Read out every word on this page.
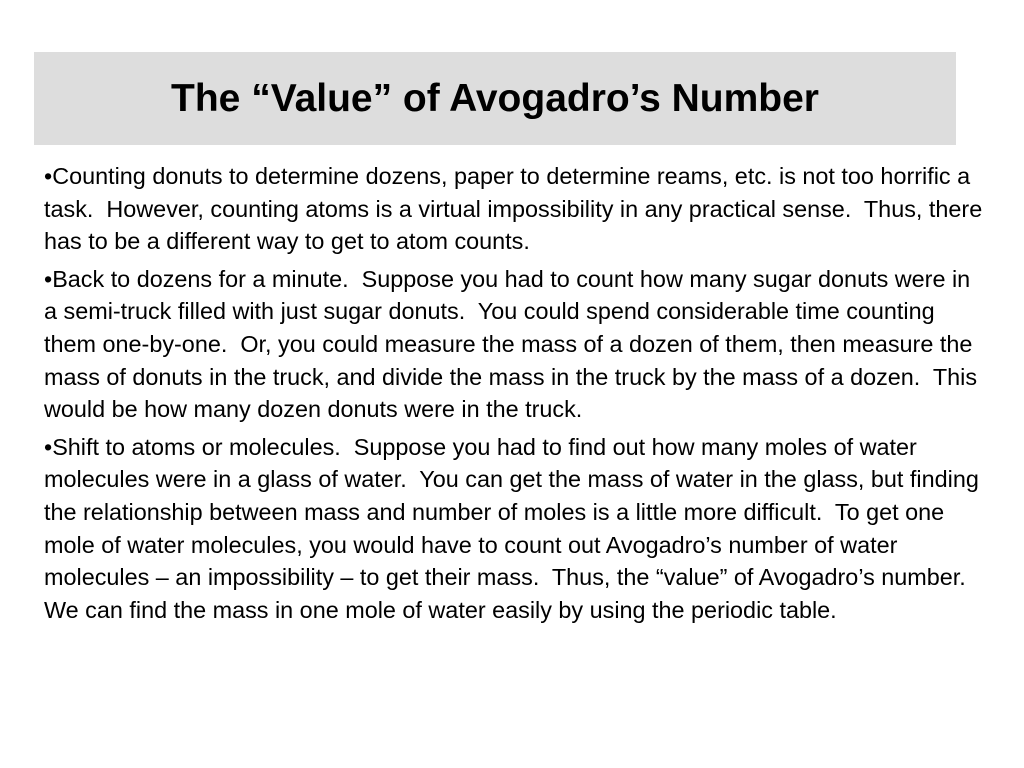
The “Value” of Avogadro’s Number

•Counting donuts to determine dozens, paper to determine reams, etc. is not too horrific a task.  However, counting atoms is a virtual impossibility in any practical sense.  Thus, there has to be a different way to get to atom counts.

•Back to dozens for a minute.  Suppose you had to count how many sugar donuts were in a semi-truck filled with just sugar donuts.  You could spend considerable time counting them one-by-one.  Or, you could measure the mass of a dozen of them, then measure the mass of donuts in the truck, and divide the mass in the truck by the mass of a dozen.  This would be how many dozen donuts were in the truck.

•Shift to atoms or molecules.  Suppose you had to find out how many moles of water molecules were in a glass of water.  You can get the mass of water in the glass, but finding the relationship between mass and number of moles is a little more difficult.  To get one mole of water molecules, you would have to count out Avogadro’s number of water molecules – an impossibility – to get their mass.  Thus, the “value” of Avogadro’s number.  We can find the mass in one mole of water easily by using the periodic table.
